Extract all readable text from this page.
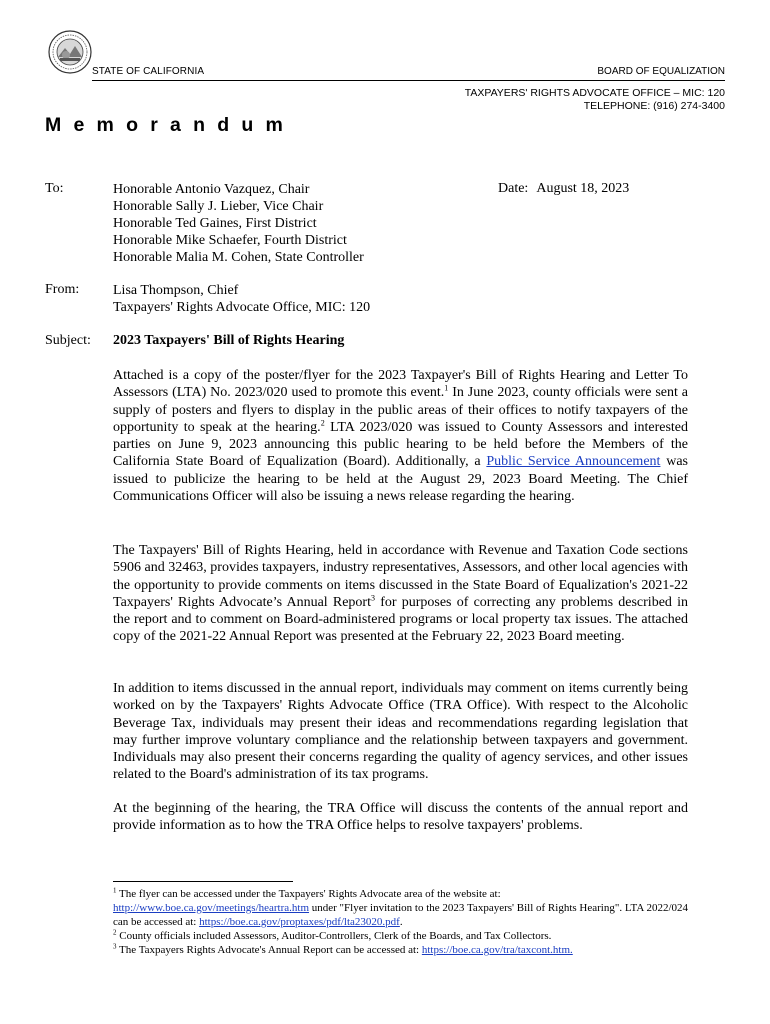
STATE OF CALIFORNIA	BOARD OF EQUALIZATION
TAXPAYERS' RIGHTS ADVOCATE OFFICE – MIC: 120
TELEPHONE: (916) 274-3400
M e m o r a n d u m
To:	Honorable Antonio Vazquez, Chair
Honorable Sally J. Lieber, Vice Chair
Honorable Ted Gaines, First District
Honorable Mike Schaefer, Fourth District
Honorable Malia M. Cohen, State Controller
Date: August 18, 2023
From: Lisa Thompson, Chief
Taxpayers' Rights Advocate Office, MIC: 120
Subject: 2023 Taxpayers' Bill of Rights Hearing
Attached is a copy of the poster/flyer for the 2023 Taxpayer's Bill of Rights Hearing and Letter To Assessors (LTA) No. 2023/020 used to promote this event.$^1$ In June 2023, county officials were sent a supply of posters and flyers to display in the public areas of their offices to notify taxpayers of the opportunity to speak at the hearing.$^2$ LTA 2023/020 was issued to County Assessors and interested parties on June 9, 2023 announcing this public hearing to be held before the Members of the California State Board of Equalization (Board). Additionally, a Public Service Announcement was issued to publicize the hearing to be held at the August 29, 2023 Board Meeting. The Chief Communications Officer will also be issuing a news release regarding the hearing.
The Taxpayers' Bill of Rights Hearing, held in accordance with Revenue and Taxation Code sections 5906 and 32463, provides taxpayers, industry representatives, Assessors, and other local agencies with the opportunity to provide comments on items discussed in the State Board of Equalization's 2021-22 Taxpayers' Rights Advocate’s Annual Report$^3$ for purposes of correcting any problems described in the report and to comment on Board-administered programs or local property tax issues. The attached copy of the 2021-22 Annual Report was presented at the February 22, 2023 Board meeting.
In addition to items discussed in the annual report, individuals may comment on items currently being worked on by the Taxpayers' Rights Advocate Office (TRA Office). With respect to the Alcoholic Beverage Tax, individuals may present their ideas and recommendations regarding legislation that may further improve voluntary compliance and the relationship between taxpayers and government. Individuals may also present their concerns regarding the quality of agency services, and other issues related to the Board's administration of its tax programs.
At the beginning of the hearing, the TRA Office will discuss the contents of the annual report and provide information as to how the TRA Office helps to resolve taxpayers' problems.
$^1$ The flyer can be accessed under the Taxpayers' Rights Advocate area of the website at:
http://www.boe.ca.gov/meetings/heartra.htm under "Flyer invitation to the 2023 Taxpayers' Bill of Rights Hearing". LTA 2022/024 can be accessed at: https://boe.ca.gov/proptaxes/pdf/lta23020.pdf.
$^2$ County officials included Assessors, Auditor-Controllers, Clerk of the Boards, and Tax Collectors.
$^3$ The Taxpayers Rights Advocate's Annual Report can be accessed at: https://boe.ca.gov/tra/taxcont.htm.
